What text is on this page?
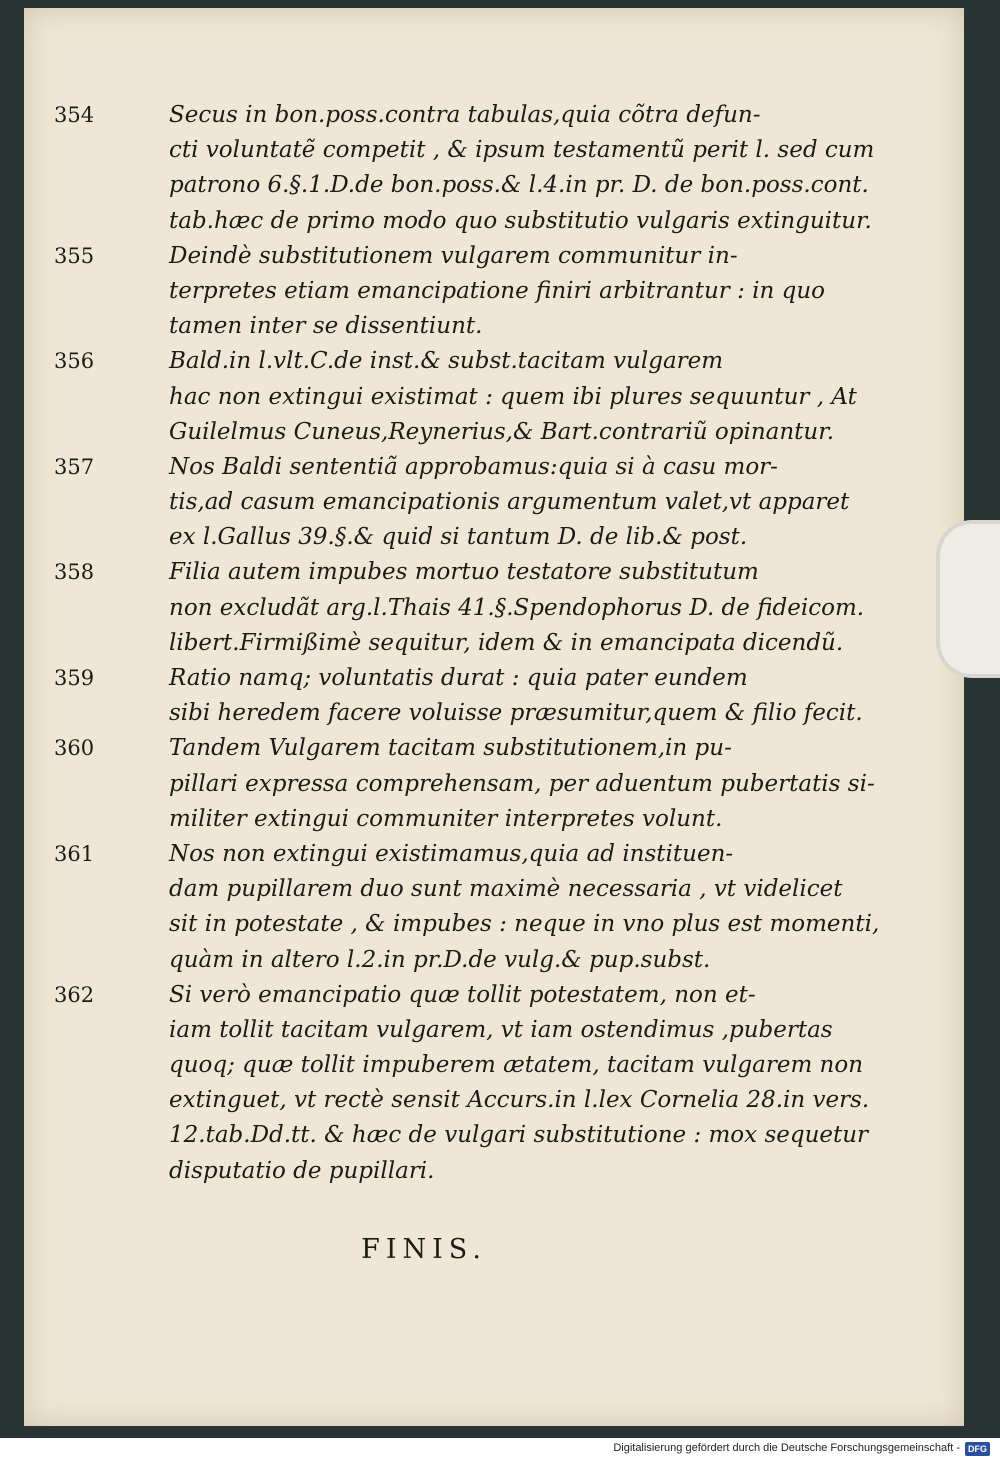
354	Secus in bon.poss.contra tabulas,quia cõtra defun-
cti voluntatẽ competit , & ipsum testamentũ perit l. sed cum
patrono 6.§.1.D.de bon.poss.& l.4.in pr. D. de bon.poss.cont.
tab.hæc de primo modo quo substitutio vulgaris extinguitur.
355	Deindè substitutionem vulgarem communitur in-
terpretes etiam emancipatione finiri arbitrantur : in quo
tamen inter se dissentiunt.
356	Bald.in l.vlt.C.de inst.& subst.tacitam vulgarem
hac non extingui existimat : quem ibi plures sequuntur , At
Guilelmus Cuneus,Reynerius,& Bart.contrariũ opinantur.
357	Nos Baldi sententiã approbamus:quia si à casu mor-
tis,ad casum emancipationis argumentum valet,vt apparet
ex l.Gallus 39.§.& quid si tantum D. de lib.& post.
358	Filia autem impubes mortuo testatore substitutum
non excludãt arg.l.Thais 41.§.Spendophorus D. de fideicom.
libert.Firmißimè sequitur, idem & in emancipata dicendũ.
359	Ratio namq; voluntatis durat : quia pater eundem
sibi heredem facere voluisse præsumitur,quem & filio fecit.
360	Tandem Vulgarem tacitam substitutionem,in pu-
pillari expressa comprehensam, per aduentum pubertatis si-
militer extingui communiter interpretes volunt.
361	Nos non extingui existimamus,quia ad instituen-
dam pupillarem duo sunt maximè necessaria , vt videlicet
sit in potestate , & impubes : neque in vno plus est momenti,
quàm in altero l.2.in pr.D.de vulg.& pup.subst.
362	Si verò emancipatio quæ tollit potestatem, non et-
iam tollit tacitam vulgarem, vt iam ostendimus ,pubertas
quoq; quæ tollit impuberem ætatem, tacitam vulgarem non
extinguet, vt rectè sensit Accurs.in l.lex Cornelia 28.in vers.
12.tab.Dd.tt. & hæc de vulgari substitutione : mox sequetur
disputatio de pupillari.
FINIS.
Digitalisierung gefördert durch die Deutsche Forschungsgemeinschaft - DFG
